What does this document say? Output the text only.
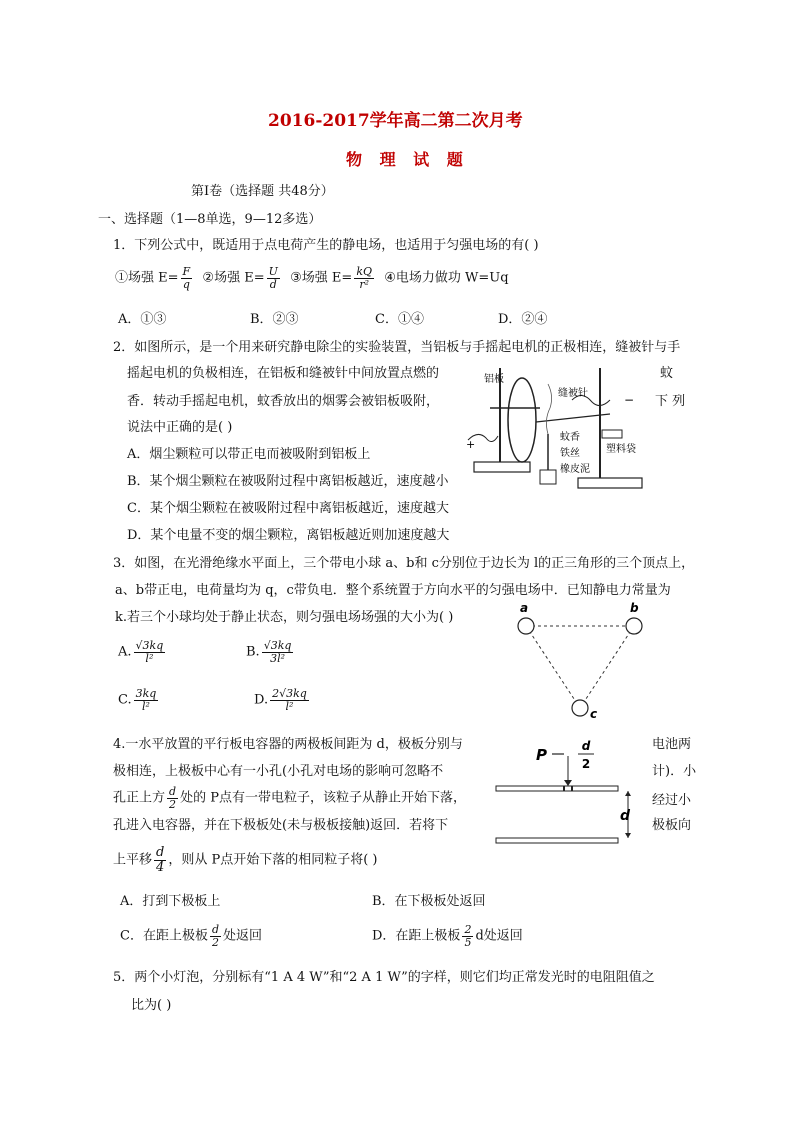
2016-2017学年高二第二次月考
物 理 试 题
第Ⅰ卷（选择题 共48分）
一、选择题（1—8单选，9—12多选）
1．下列公式中，既适用于点电荷产生的静电场，也适用于匀强电场的有( )
①场强 $E= \frac{F}{q}$ ②场强 $E= \frac{U}{d}$ ③场强 $E= \frac{kQ}{\text{r²}}$ ④电场力做功 W=Uq
A．①③	B．②③	C．①④	D．②④
2．如图所示，是一个用来研究静电除尘的实验装置，当铝板与手摇起电机的正极相连，缝被针与手
摇起电机的负极相连，在铝板和缝被针中间放置点燃的	蚊
香．转动手摇起电机，蚊香放出的烟雾会被铝板吸附，	下 列
说法中正确的是( )
A．烟尘颗粒可以带正电而被吸附到铝板上
B．某个烟尘颗粒在被吸附过程中离铝板越近，速度越小
C．某个烟尘颗粒在被吸附过程中离铝板越近，速度越大
D．某个电量不变的烟尘颗粒，离铝板越近则加速度越大
铝板
缝被针
蚊香
铁丝	塑料袋
橡皮泥
+
−
3．如图，在光滑绝缘水平面上，三个带电小球 a、b和 c分别位于边长为 l的正三角形的三个顶点上，
a、b带正电，电荷量均为 q，c带负电．整个系统置于方向水平的匀强电场中．已知静电力常量为
k.若三个小球均处于静止状态，则匀强电场场强的大小为( )
A. $\frac{√3kq}{\text{l²}}$	B. $\frac{√3kq}{\text{3l²}}$
C. $\frac{3kq}{\text{l²}}$	D. $\frac{2√3kq}{\text{l²}}$
a	b
c
4.一水平放置的平行板电容器的两极板间距为 d，极板分别与	电池两
极相连，上极板中心有一小孔(小孔对电场的影响可忽略不	计)．小
孔正上方 $\frac{d}{2}$ 处的 P点有一带电粒子，该粒子从静止开始下落，	经过小
孔进入电容器，并在下极板处(未与极板接触)返回．若将下	极板向
上平移 $\frac{d}{4}$ ，则从 P点开始下落的相同粒子将( )
A．打到下极板上	B．在下极板处返回
C．在距上极板 $\frac{d}{2}$ 处返回	D．在距上极板 $\frac{2}{5}$ d处返回
P	d
2
d
5．两个小灯泡，分别标有“1 A 4 W”和“2 A 1 W”的字样，则它们均正常发光时的电阻阻值之
比为( )
